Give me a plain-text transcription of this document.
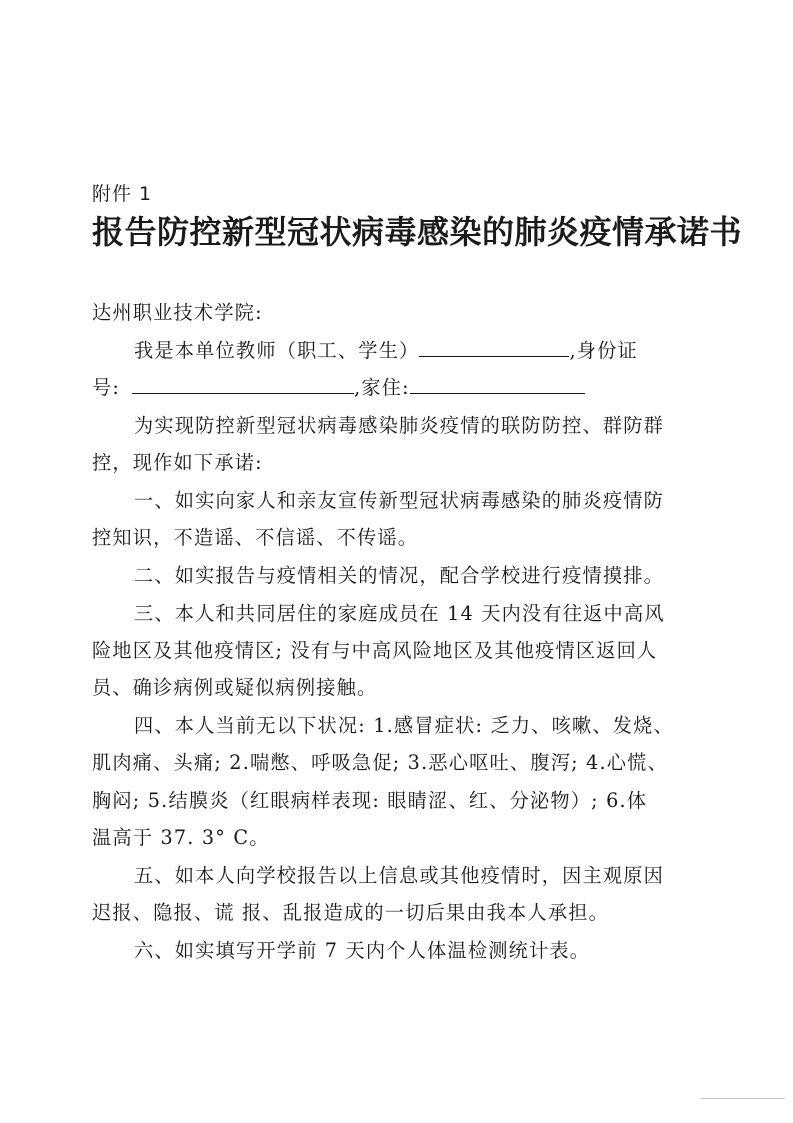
附件 1
报告防控新型冠状病毒感染的肺炎疫情承诺书
达州职业技术学院:
我是本单位教师（职工、学生）	,身份证
号:	,家住:
为实现防控新型冠状病毒感染肺炎疫情的联防防控、群防群
控，现作如下承诺:
一、如实向家人和亲友宣传新型冠状病毒感染的肺炎疫情防
控知识，不造谣、不信谣、不传谣。
二、如实报告与疫情相关的情况，配合学校进行疫情摸排。
三、本人和共同居住的家庭成员在 14 天内没有往返中高风
险地区及其他疫情区; 没有与中高风险地区及其他疫情区返回人
员、确诊病例或疑似病例接触。
四、本人当前无以下状况: 1.感冒症状: 乏力、咳嗽、发烧、
肌肉痛、头痛; 2.喘憋、呼吸急促; 3.恶心呕吐、腹泻; 4.心慌、
胸闷; 5.结膜炎（红眼病样表现: 眼睛涩、红、分泌物）; 6.体
温高于 37. 3° C。
五、如本人向学校报告以上信息或其他疫情时，因主观原因
迟报、隐报、谎 报、乱报造成的一切后果由我本人承担。
六、如实填写开学前 7 天内个人体温检测统计表。
